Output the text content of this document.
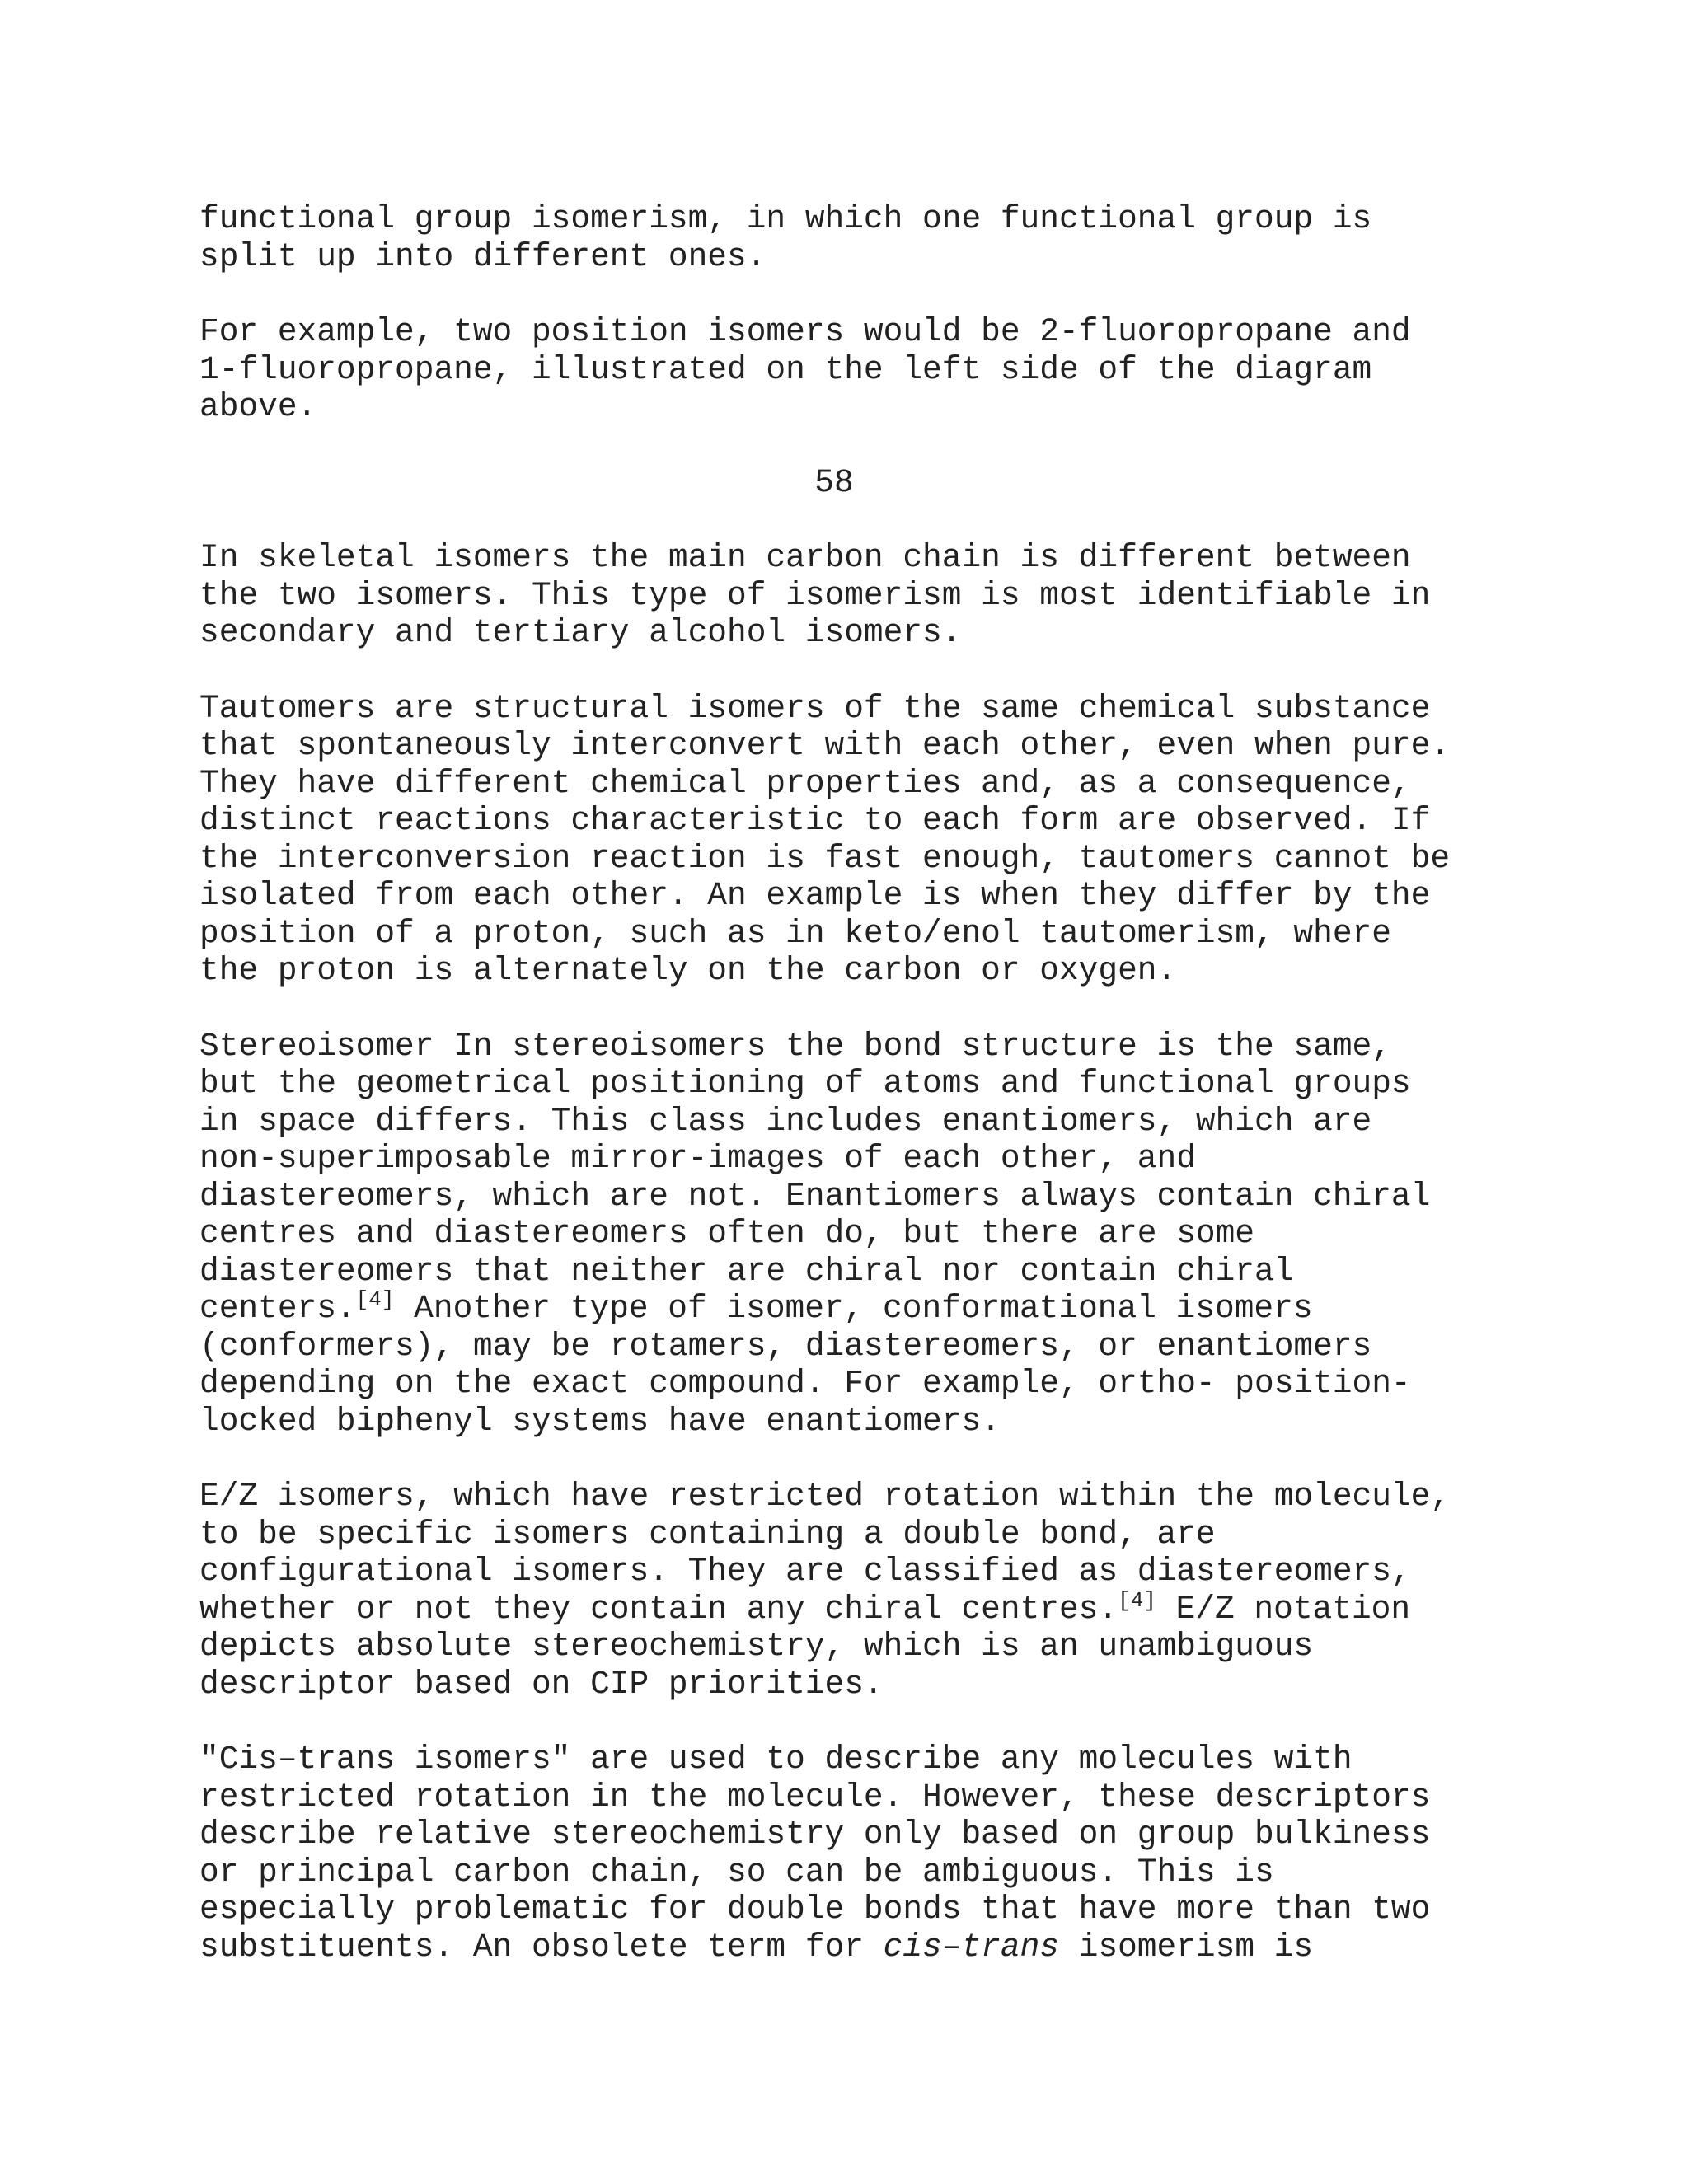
functional group isomerism, in which one functional group is
split up into different ones.

For example, two position isomers would be 2-fluoropropane and
1-fluoropropane, illustrated on the left side of the diagram
above.

58

In skeletal isomers the main carbon chain is different between
the two isomers. This type of isomerism is most identifiable in
secondary and tertiary alcohol isomers.

Tautomers are structural isomers of the same chemical substance
that spontaneously interconvert with each other, even when pure.
They have different chemical properties and, as a consequence,
distinct reactions characteristic to each form are observed. If
the interconversion reaction is fast enough, tautomers cannot be
isolated from each other. An example is when they differ by the
position of a proton, such as in keto/enol tautomerism, where
the proton is alternately on the carbon or oxygen.

Stereoisomer In stereoisomers the bond structure is the same,
but the geometrical positioning of atoms and functional groups
in space differs. This class includes enantiomers, which are
non-superimposable mirror-images of each other, and
diastereomers, which are not. Enantiomers always contain chiral
centres and diastereomers often do, but there are some
diastereomers that neither are chiral nor contain chiral
centers.[4] Another type of isomer, conformational isomers
(conformers), may be rotamers, diastereomers, or enantiomers
depending on the exact compound. For example, ortho- position-
locked biphenyl systems have enantiomers.

E/Z isomers, which have restricted rotation within the molecule,
to be specific isomers containing a double bond, are
configurational isomers. They are classified as diastereomers,
whether or not they contain any chiral centres.[4] E/Z notation
depicts absolute stereochemistry, which is an unambiguous
descriptor based on CIP priorities.

"Cis–trans isomers" are used to describe any molecules with
restricted rotation in the molecule. However, these descriptors
describe relative stereochemistry only based on group bulkiness
or principal carbon chain, so can be ambiguous. This is
especially problematic for double bonds that have more than two
substituents. An obsolete term for cis–trans isomerism is
